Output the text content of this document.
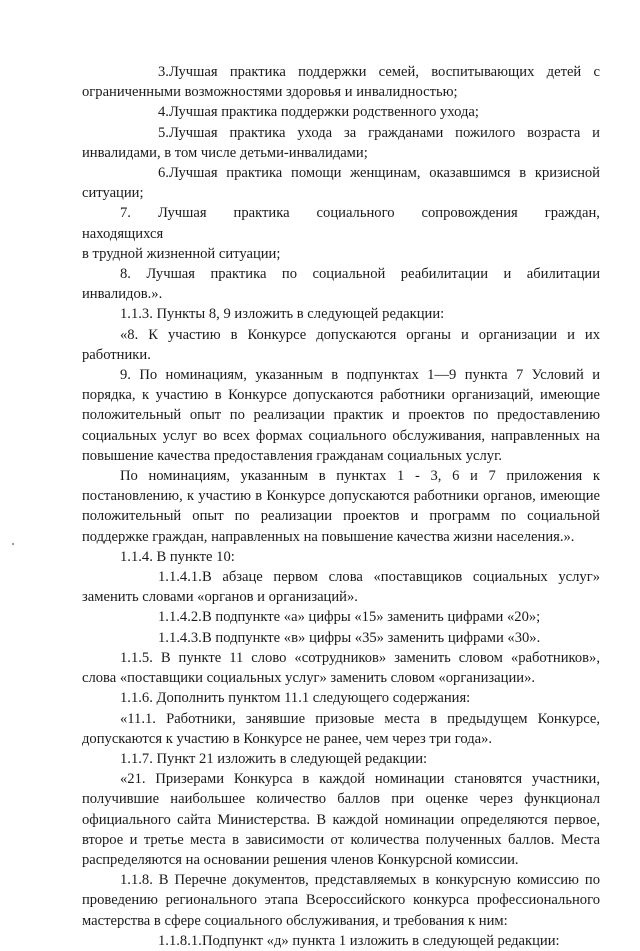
3.Лучшая практика поддержки семей, воспитывающих детей с ограниченными возможностями здоровья и инвалидностью;

4.Лучшая практика поддержки родственного ухода;

5.Лучшая практика ухода за гражданами пожилого возраста и инвалидами, в том числе детьми-инвалидами;

6.Лучшая практика помощи женщинам, оказавшимся в кризисной ситуации;

7. Лучшая практика социального сопровождения граждан,

находящихся

в трудной жизненной ситуации;

8. Лучшая практика по социальной реабилитации и абилитации инвалидов.».

1.1.3. Пункты 8, 9 изложить в следующей редакции:

«8. К участию в Конкурсе допускаются органы и организации и их работники.

9. По номинациям, указанным в подпунктах 1—9 пункта 7 Условий и порядка, к участию в Конкурсе допускаются работники организаций, имеющие положительный опыт по реализации практик и проектов по предоставлению социальных услуг во всех формах социального обслуживания, направленных на повышение качества предоставления гражданам социальных услуг.

По номинациям, указанным в пунктах 1 - 3, 6 и 7 приложения к постановлению, к участию в Конкурсе допускаются работники органов, имеющие положительный опыт по реализации проектов и программ по социальной поддержке граждан, направленных на повышение качества жизни населения.».

1.1.4. В пункте 10:

1.1.4.1.В абзаце первом слова «поставщиков социальных услуг» заменить словами «органов и организаций».

1.1.4.2.В подпункте «а» цифры «15» заменить цифрами «20»;

1.1.4.3.В подпункте «в» цифры «35» заменить цифрами «30».

1.1.5. В пункте 11 слово «сотрудников» заменить словом «работников», слова «поставщики социальных услуг» заменить словом «организации».

1.1.6. Дополнить пунктом 11.1 следующего содержания:

«11.1. Работники, занявшие призовые места в предыдущем Конкурсе, допускаются к участию в Конкурсе не ранее, чем через три года».

1.1.7. Пункт 21 изложить в следующей редакции:

«21. Призерами Конкурса в каждой номинации становятся участники, получившие наибольшее количество баллов при оценке через функционал официального сайта Министерства. В каждой номинации определяются первое, второе и третье места в зависимости от количества полученных баллов. Места распределяются на основании решения членов Конкурсной комиссии.

1.1.8. В Перечне документов, представляемых в конкурсную комиссию по проведению регионального этапа Всероссийского конкурса профессионального мастерства в сфере социального обслуживания, и требования к ним:

1.1.8.1.Подпункт «д» пункта 1 изложить в следующей редакции:
